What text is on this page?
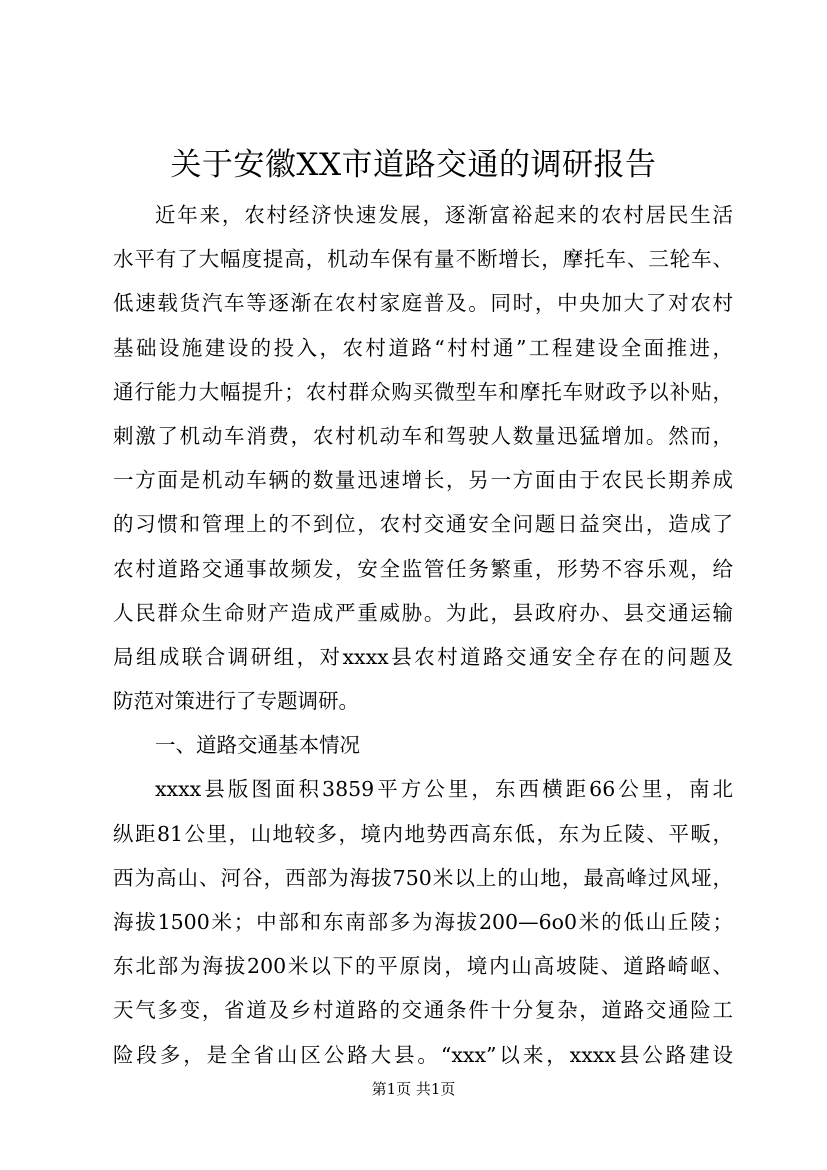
关于安徽XX市道路交通的调研报告
近年来，农村经济快速发展，逐渐富裕起来的农村居民生活
水平有了大幅度提高，机动车保有量不断增长，摩托车、三轮车、
低速载货汽车等逐渐在农村家庭普及。同时，中央加大了对农村
基础设施建设的投入，农村道路“村村通”工程建设全面推进，
通行能力大幅提升；农村群众购买微型车和摩托车财政予以补贴，
刺激了机动车消费，农村机动车和驾驶人数量迅猛增加。然而，
一方面是机动车辆的数量迅速增长，另一方面由于农民长期养成
的习惯和管理上的不到位，农村交通安全问题日益突出，造成了
农村道路交通事故频发，安全监管任务繁重，形势不容乐观，给
人民群众生命财产造成严重威胁。为此，县政府办、县交通运输
局组成联合调研组，对xxxx县农村道路交通安全存在的问题及
防范对策进行了专题调研。
一、道路交通基本情况
xxxx县版图面积3859平方公里，东西横距66公里，南北
纵距81公里，山地较多，境内地势西高东低，东为丘陵、平畈，
西为高山、河谷，西部为海拔750米以上的山地，最高峰过风垭，
海拔1500米；中部和东南部多为海拔200—6o0米的低山丘陵；
东北部为海拔200米以下的平原岗，境内山高坡陡、道路崎岖、
天气多变，省道及乡村道路的交通条件十分复杂，道路交通险工
险段多，是全省山区公路大县。“xxx”以来，xxxx县公路建设
第1页 共1页
